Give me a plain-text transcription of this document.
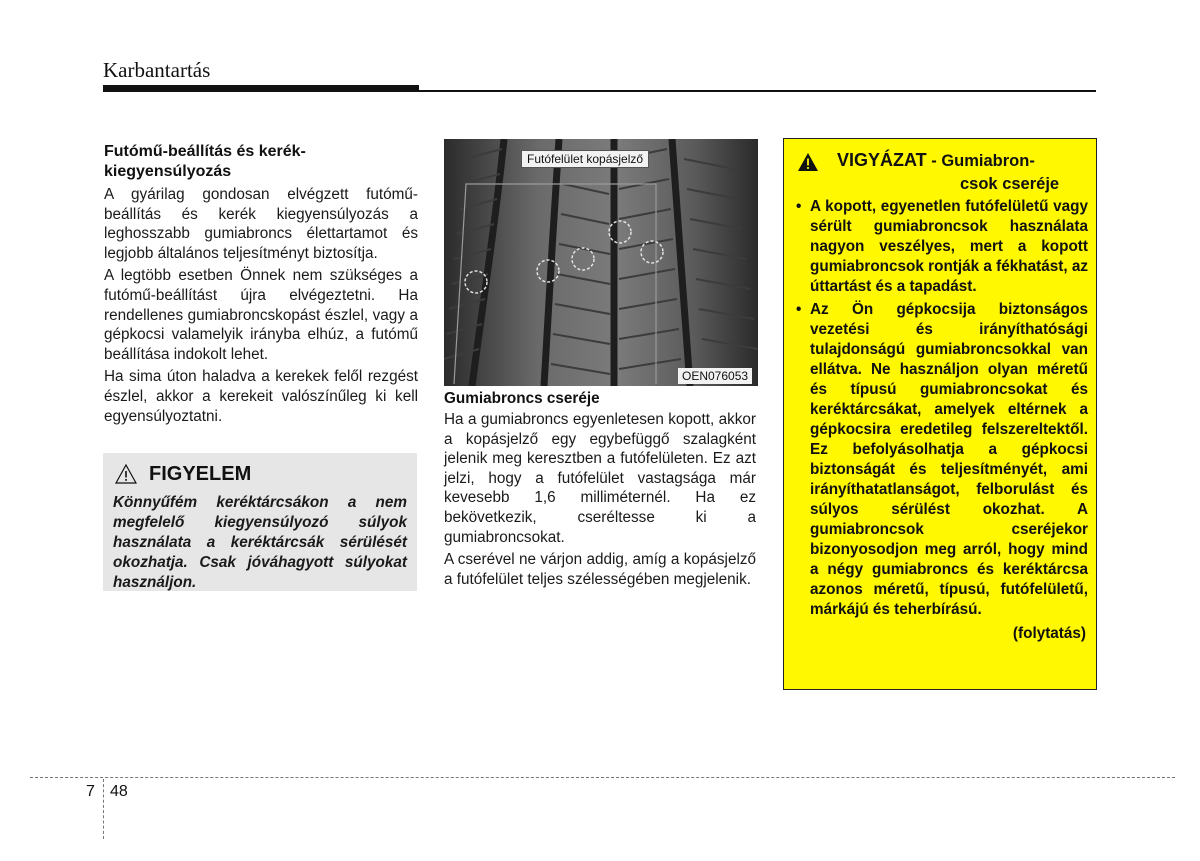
Karbantartás
Futómű-beállítás és kerék-
kiegyensúlyozás

A gyárilag gondosan elvégzett futómű-beállítás és kerék kiegyensúlyozás a leghosszabb gumiabroncs élettartamot és legjobb általános teljesítményt biztosítja.

A legtöbb esetben Önnek nem szükséges a futómű-beállítást újra elvégeztetni. Ha rendellenes gumiabroncskopást észlel, vagy a gépkocsi valamelyik irányba elhúz, a futómű beállítása indokolt lehet.

Ha sima úton haladva a kerekek felől rezgést észlel, akkor a kerekeit valószínűleg ki kell egyensúlyoztatni.

FIGYELEM

Könnyűfém keréktárcsákon a nem megfelelő kiegyensúlyozó súlyok használata a keréktárcsák sérülését okozhatja. Csak jóváhagyott súlyokat használjon.

Futófelület kopásjelző
OEN076053
Gumiabroncs cseréje

Ha a gumiabroncs egyenletesen kopott, akkor a kopásjelző egy egybefüggő szalagként jelenik meg keresztben a futófelületen. Ez azt jelzi, hogy a futófelület vastagsága már kevesebb 1,6 milliméternél. Ha ez bekövetkezik, cseréltesse ki a gumiabroncsokat.

A cserével ne várjon addig, amíg a kopásjelző a futófelület teljes szélességében megjelenik.

VIGYÁZAT - Gumiabron-
csok cseréje
• A kopott, egyenetlen futófelületű vagy sérült gumiabroncsok használata nagyon veszélyes, mert a kopott gumiabroncsok rontják a fékhatást, az úttartást és a tapadást.
• Az Ön gépkocsija biztonságos vezetési és irányíthatósági tulajdonságú gumiabroncsokkal van ellátva. Ne használjon olyan méretű és típusú gumiabroncsokat és keréktárcsákat, amelyek eltérnek a gépkocsira eredetileg felszereltektől. Ez befolyásolhatja a gépkocsi biztonságát és teljesítményét, ami irányíthatatlanságot, felborulást és súlyos sérülést okozhat. A gumiabroncsok cseréjekor bizonyosodjon meg arról, hogy mind a négy gumiabroncs és keréktárcsa azonos méretű, típusú, futófelületű, márkájú és teherbírású.
(folytatás)
7 48
